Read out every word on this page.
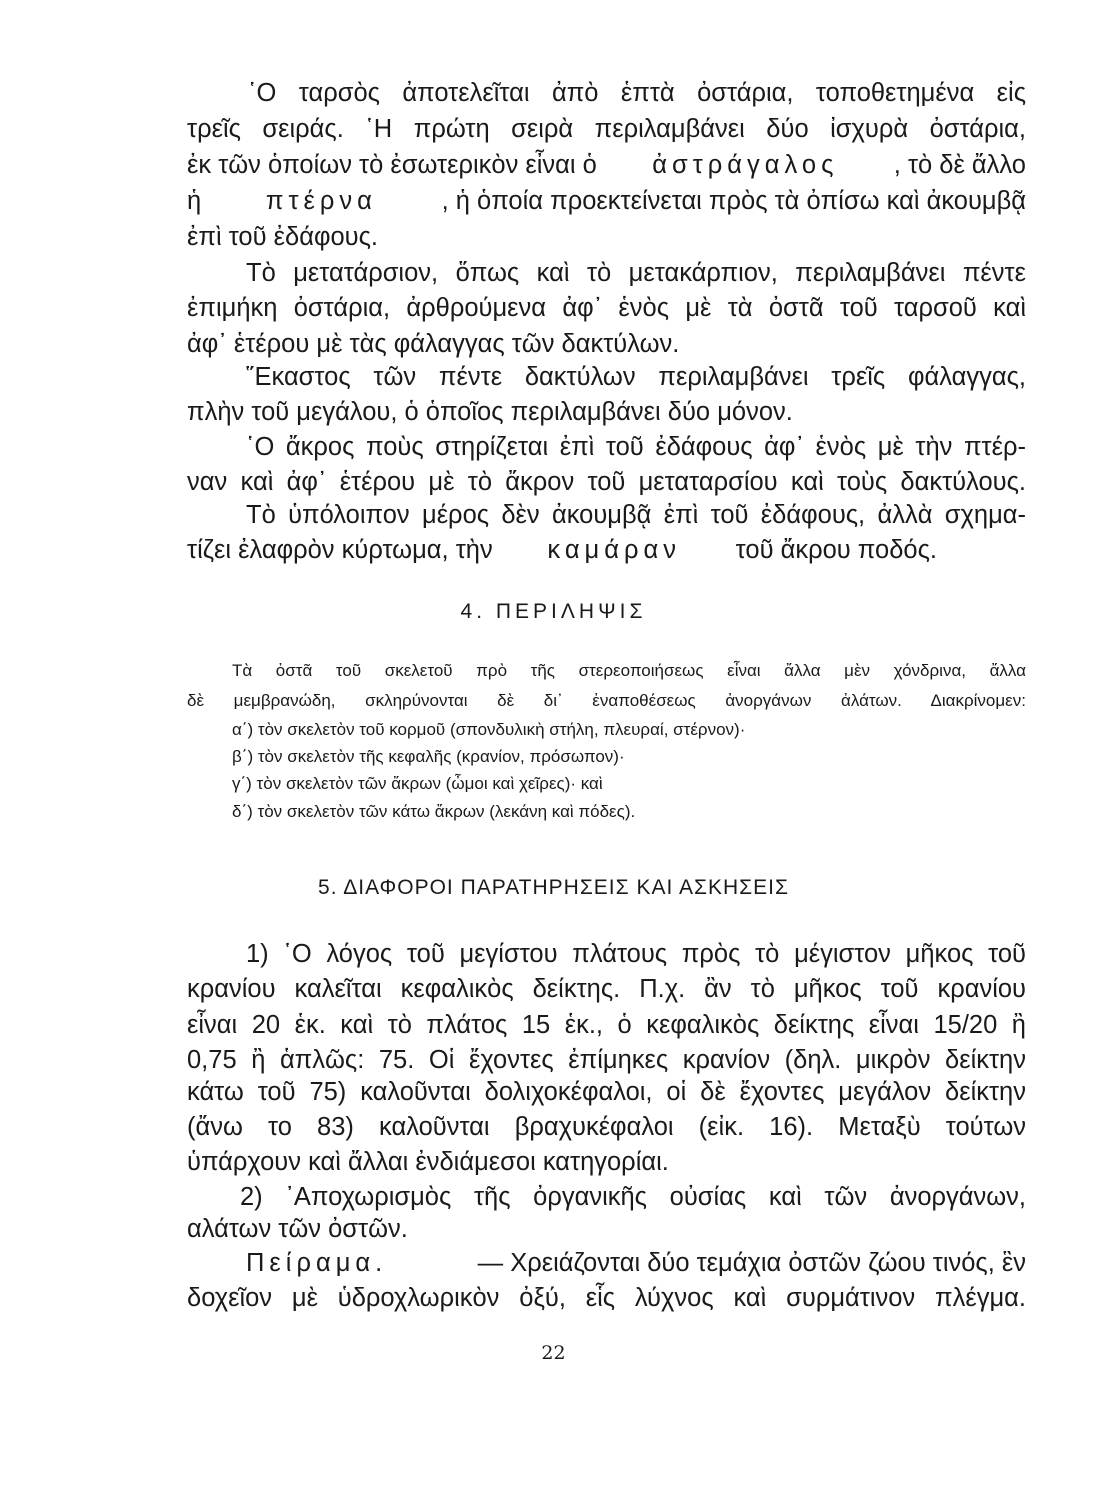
῾Ο ταρσὸς ἀποτελεῖται ἀπὸ ἑπτὰ ὀστάρια, τοποθετημένα εἰς
τρεῖς σειράς. ῾Η πρώτη σειρὰ περιλαμβάνει δύο ἰσχυρὰ ὀστάρια,
ἐκ τῶν ὁποίων τὸ ἐσωτερικὸν εἶναι ὁ ἀστράγαλος , τὸ δὲ ἄλλο
ἡ	πτέρνα	, ἡ ὁποία προεκτείνεται πρὸς τὰ ὀπίσω καὶ ἀκουμβᾷ
ἐπὶ τοῦ ἐδάφους.
Τὸ μετατάρσιον, ὅπως καὶ τὸ μετακάρπιον, περιλαμβάνει πέντε
ἐπιμήκη ὀστάρια, ἀρθρούμενα ἀφ᾽ ἑνὸς μὲ τὰ ὀστᾶ τοῦ ταρσοῦ καὶ
ἀφ᾽ ἑτέρου μὲ τὰς φάλαγγας τῶν δακτύλων.
῞Εκαστος τῶν πέντε δακτύλων περιλαμβάνει τρεῖς φάλαγγας,
πλὴν τοῦ μεγάλου, ὁ ὁποῖος περιλαμβάνει δύο μόνον.
῾Ο ἄκρος ποὺς στηρίζεται ἐπὶ τοῦ ἐδάφους ἀφ᾽ ἑνὸς μὲ τὴν πτέρ-
ναν καὶ ἀφ᾽ ἑτέρου μὲ τὸ ἄκρον τοῦ μεταταρσίου καὶ τοὺς δακτύλους.
Τὸ ὑπόλοιπον μέρος δὲν ἀκουμβᾷ ἐπὶ τοῦ ἐδάφους, ἀλλὰ σχημα-
τίζει ἐλαφρὸν κύρτωμα, τὴν καμάραν τοῦ ἄκρου ποδός.
4. ΠΕΡΙΛΗΨΙΣ
Τὰ ὀστᾶ τοῦ σκελετοῦ πρὸ τῆς στερεοποιήσεως εἶναι ἄλλα μὲν χόνδρινα, ἄλλα
δὲ μεμβρανώδη, σκληρύνονται δὲ δι᾽ ἐναποθέσεως ἀνοργάνων ἀλάτων. Διακρίνομεν:
α΄) τὸν σκελετὸν τοῦ κορμοῦ (σπονδυλικὴ στήλη, πλευραί, στέρνον)·
β΄) τὸν σκελετὸν τῆς κεφαλῆς (κρανίον, πρόσωπον)·
γ΄) τὸν σκελετὸν τῶν ἄκρων (ὦμοι καὶ χεῖρες)· καὶ
δ΄) τὸν σκελετὸν τῶν κάτω ἄκρων (λεκάνη καὶ πόδες).
5. ΔΙΑΦΟΡΟΙ ΠΑΡΑΤΗΡΗΣΕΙΣ ΚΑΙ ΑΣΚΗΣΕΙΣ
1) ῾Ο λόγος τοῦ μεγίστου πλάτους πρὸς τὸ μέγιστον μῆκος τοῦ
κρανίου καλεῖται κεφαλικὸς δείκτης. Π.χ. ἂν τὸ μῆκος τοῦ κρανίου
εἶναι 20 ἑκ. καὶ τὸ πλάτος 15 ἑκ., ὁ κεφαλικὸς δείκτης εἶναι 15/20 ἢ
0,75 ἢ ἁπλῶς: 75. Οἱ ἔχοντες ἐπίμηκες κρανίον (δηλ. μικρὸν δείκτην
κάτω τοῦ 75) καλοῦνται δολιχοκέφαλοι, οἱ δὲ ἔχοντες μεγάλον δείκτην
(ἄνω το 83) καλοῦνται βραχυκέφαλοι (εἰκ. 16). Μεταξὺ τούτων
ὑπάρχουν καὶ ἄλλαι ἐνδιάμεσοι κατηγορίαι.
2) ᾿Αποχωρισμὸς τῆς ὀργανικῆς οὐσίας καὶ τῶν ἀνοργάνων,
αλάτων τῶν ὀστῶν.
Πείραμα.	— Χρειάζονται δύο τεμάχια ὀστῶν ζώου τινός, ἓν
δοχεῖον μὲ ὑδροχλωρικὸν ὀξύ, εἷς λύχνος καὶ συρμάτινον πλέγμα.
22
